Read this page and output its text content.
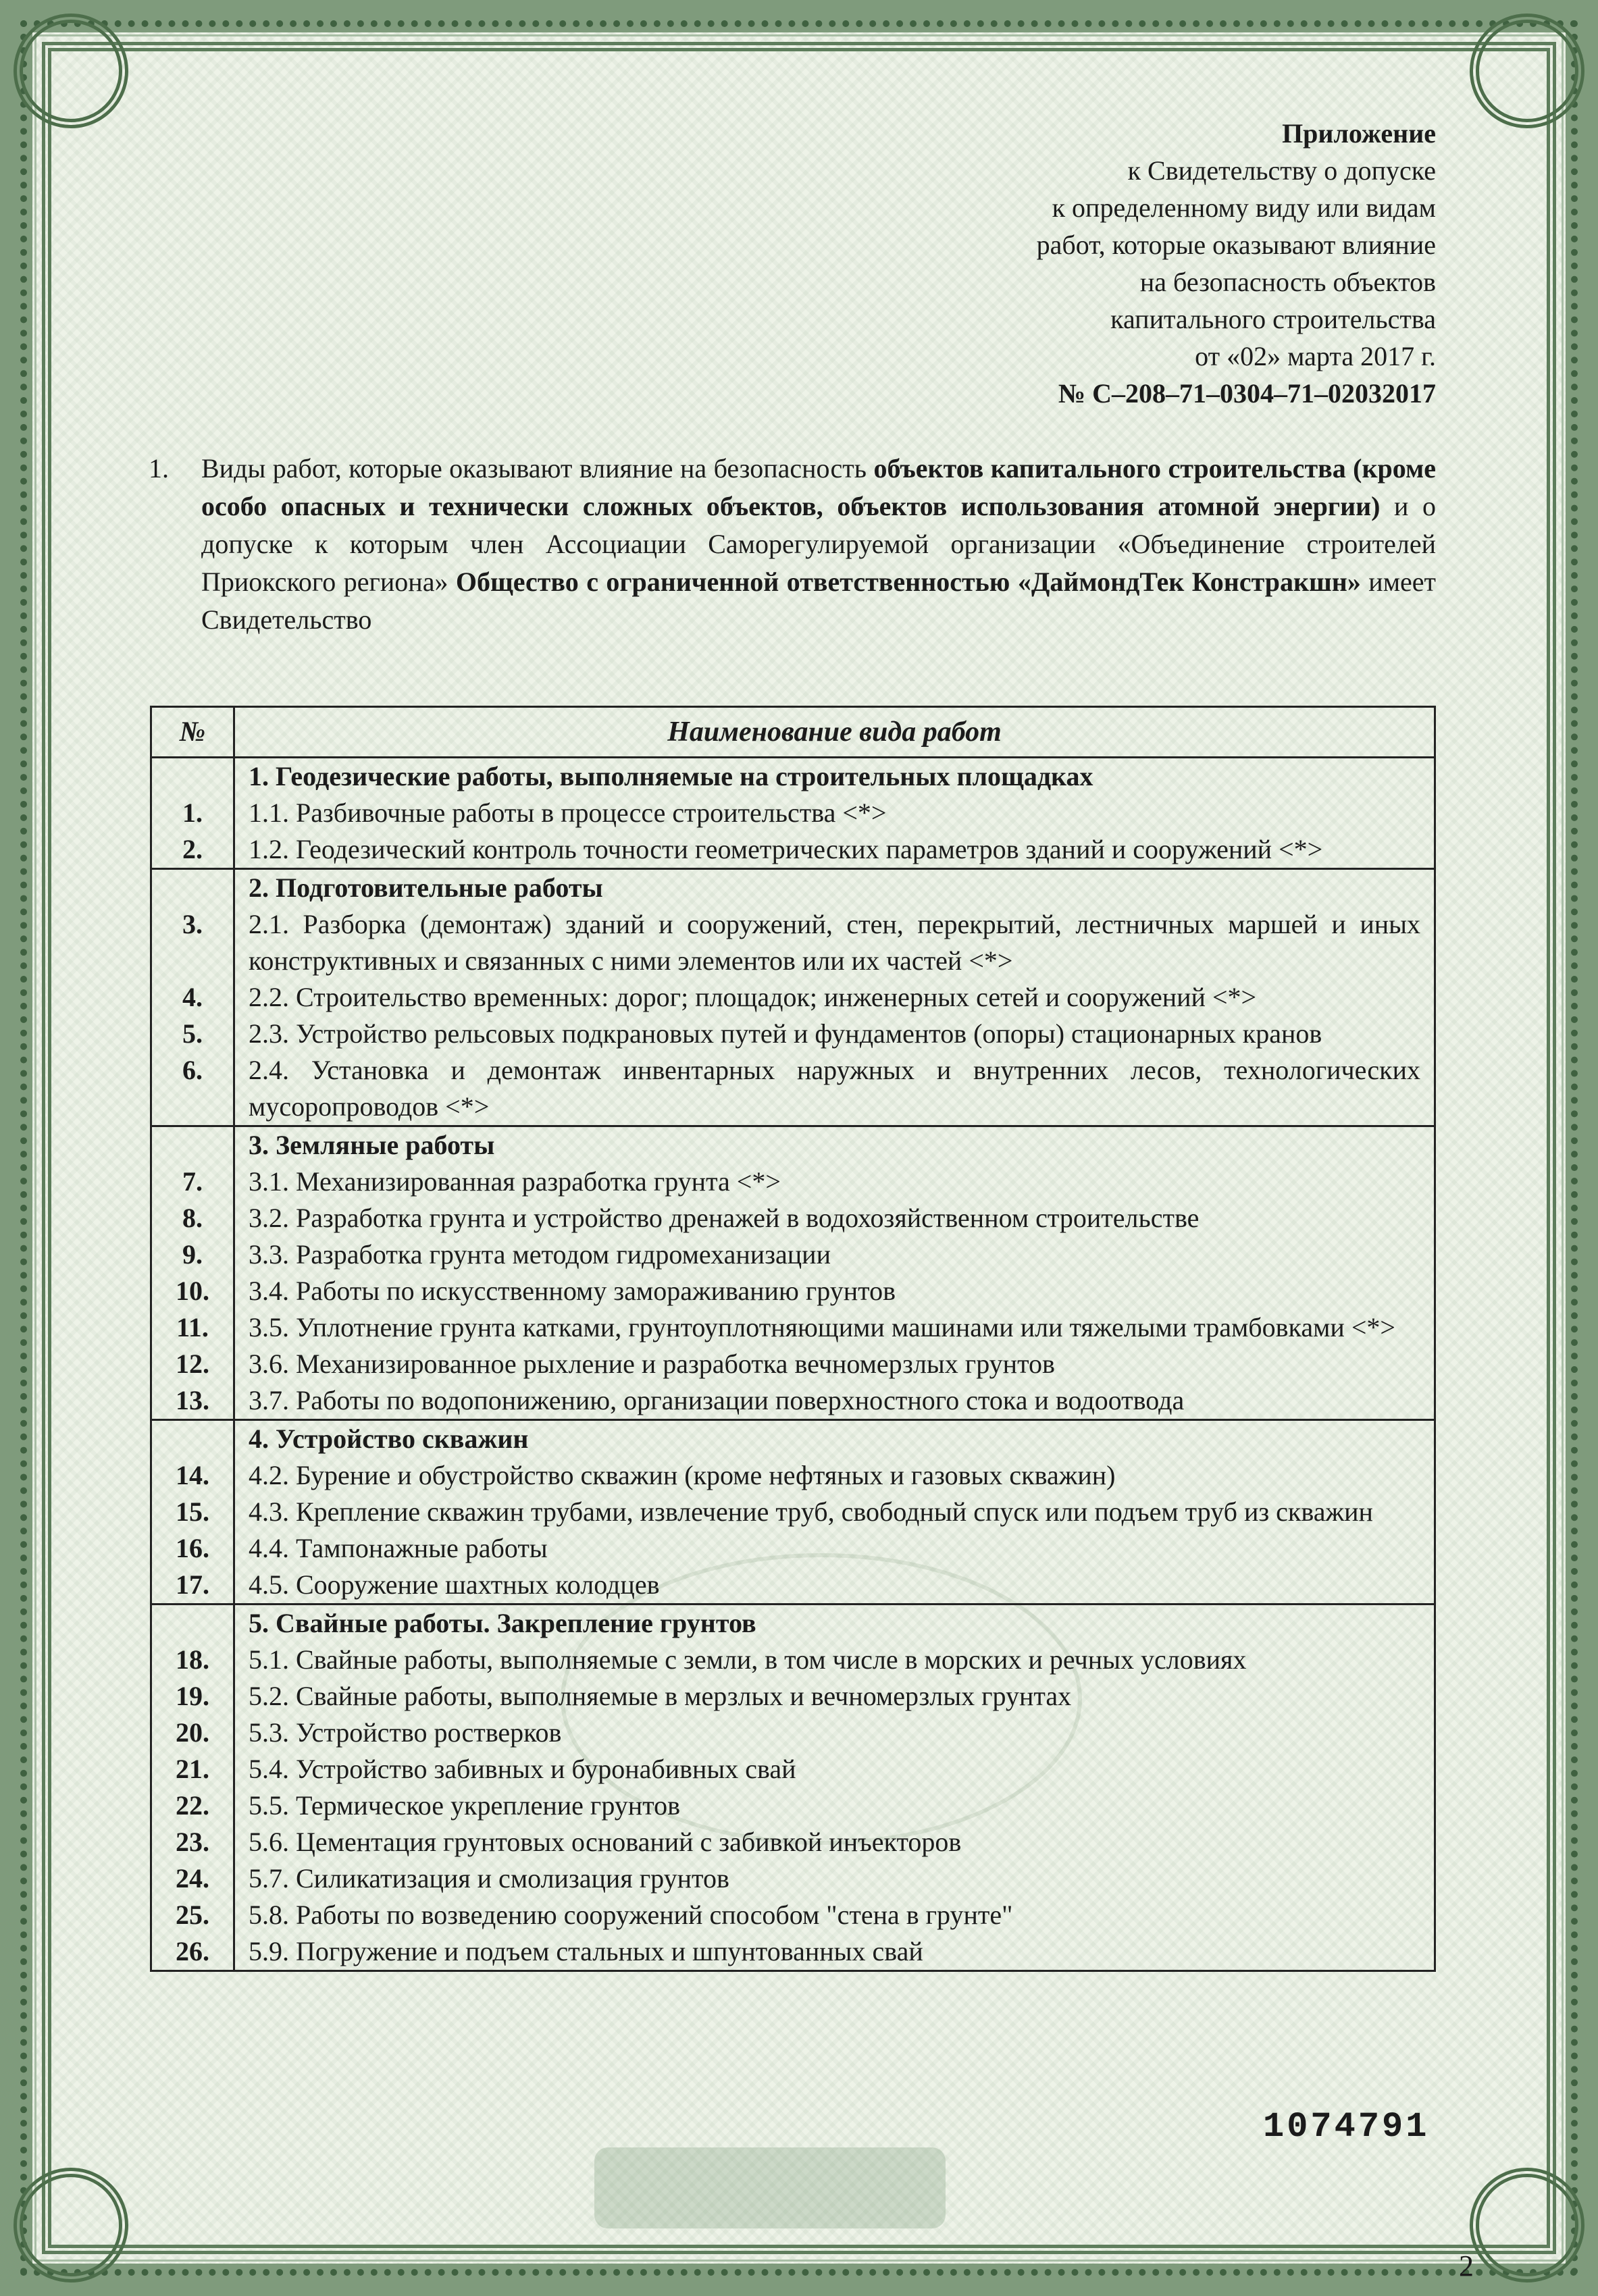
Приложение
к Свидетельству о допуске
к определенному виду или видам
работ, которые оказывают влияние
на безопасность объектов
капитального строительства
от «02» марта 2017 г.
№ С–208–71–0304–71–02032017
1.	Виды работ, которые оказывают влияние на безопасность объектов капитального строительства (кроме особо опасных и технически сложных объектов, объектов использования атомной энергии) и о допуске к которым член Ассоциации Саморегулируемой организации «Объединение строителей Приокского региона» Общество с ограниченной ответственностью «ДаймондТек Констракшн» имеет Свидетельство
№	Наименование вида работ
	1. Геодезические работы, выполняемые на строительных площадках
1.	1.1. Разбивочные работы в процессе строительства <*>
2.	1.2. Геодезический контроль точности геометрических параметров зданий и сооружений <*>
	2. Подготовительные работы
3.	2.1. Разборка (демонтаж) зданий и сооружений, стен, перекрытий, лестничных маршей и иных конструктивных и связанных с ними элементов или их частей <*>
4.	2.2. Строительство временных: дорог; площадок; инженерных сетей и сооружений <*>
5.	2.3. Устройство рельсовых подкрановых путей и фундаментов (опоры) стационарных кранов
6.	2.4. Установка и демонтаж инвентарных наружных и внутренних лесов, технологических мусоропроводов <*>
	3. Земляные работы
7.	3.1. Механизированная разработка грунта <*>
8.	3.2. Разработка грунта и устройство дренажей в водохозяйственном строительстве
9.	3.3. Разработка грунта методом гидромеханизации
10.	3.4. Работы по искусственному замораживанию грунтов
11.	3.5. Уплотнение грунта катками, грунтоуплотняющими машинами или тяжелыми трамбовками <*>
12.	3.6. Механизированное рыхление и разработка вечномерзлых грунтов
13.	3.7. Работы по водопонижению, организации поверхностного стока и водоотвода
	4. Устройство скважин
14.	4.2. Бурение и обустройство скважин (кроме нефтяных и газовых скважин)
15.	4.3. Крепление скважин трубами, извлечение труб, свободный спуск или подъем труб из скважин
16.	4.4. Тампонажные работы
17.	4.5. Сооружение шахтных колодцев
	5. Свайные работы. Закрепление грунтов
18.	5.1. Свайные работы, выполняемые с земли, в том числе в морских и речных условиях
19.	5.2. Свайные работы, выполняемые в мерзлых и вечномерзлых грунтах
20.	5.3. Устройство ростверков
21.	5.4. Устройство забивных и буронабивных свай
22.	5.5. Термическое укрепление грунтов
23.	5.6. Цементация грунтовых оснований с забивкой инъекторов
24.	5.7. Силикатизация и смолизация грунтов
25.	5.8. Работы по возведению сооружений способом "стена в грунте"
26.	5.9. Погружение и подъем стальных и шпунтованных свай
1074791
2
